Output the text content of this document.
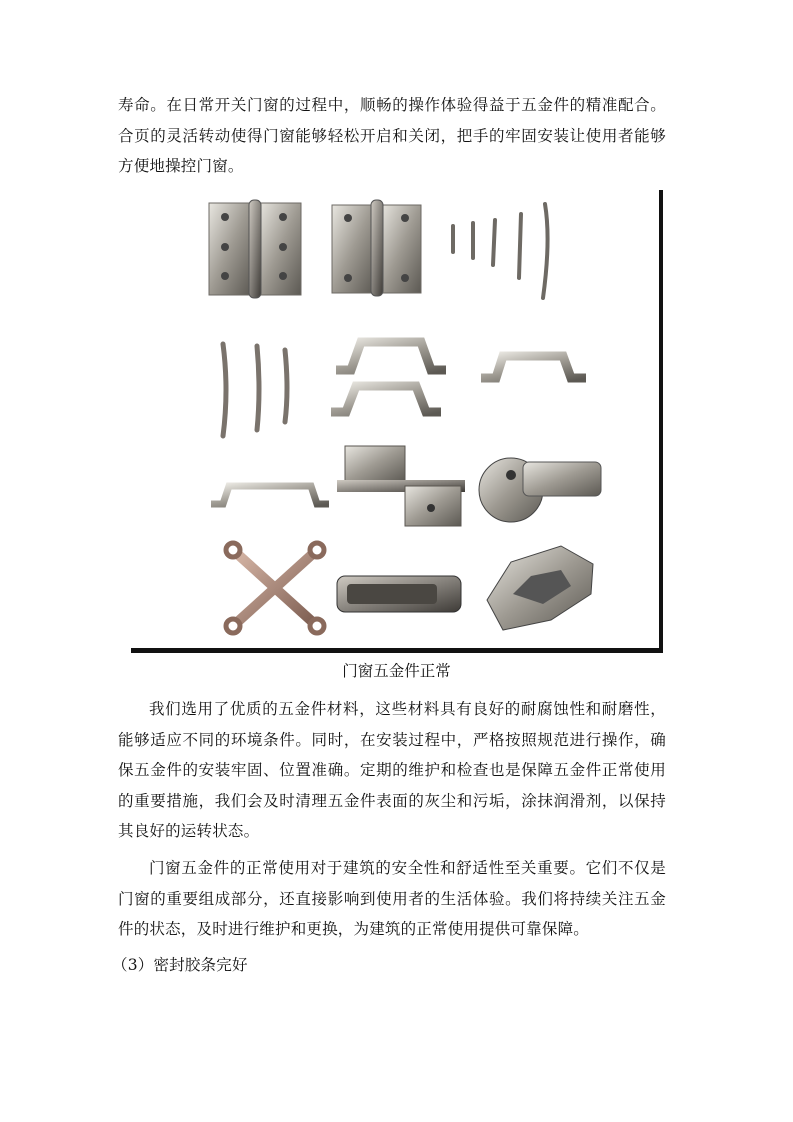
寿命。在日常开关门窗的过程中，顺畅的操作体验得益于五金件的精准配合。合页的灵活转动使得门窗能够轻松开启和关闭，把手的牢固安装让使用者能够方便地操控门窗。

门窗五金件正常

我们选用了优质的五金件材料，这些材料具有良好的耐腐蚀性和耐磨性，能够适应不同的环境条件。同时，在安装过程中，严格按照规范进行操作，确保五金件的安装牢固、位置准确。定期的维护和检查也是保障五金件正常使用的重要措施，我们会及时清理五金件表面的灰尘和污垢，涂抹润滑剂，以保持其良好的运转状态。

门窗五金件的正常使用对于建筑的安全性和舒适性至关重要。它们不仅是门窗的重要组成部分，还直接影响到使用者的生活体验。我们将持续关注五金件的状态，及时进行维护和更换，为建筑的正常使用提供可靠保障。

（3）密封胶条完好
